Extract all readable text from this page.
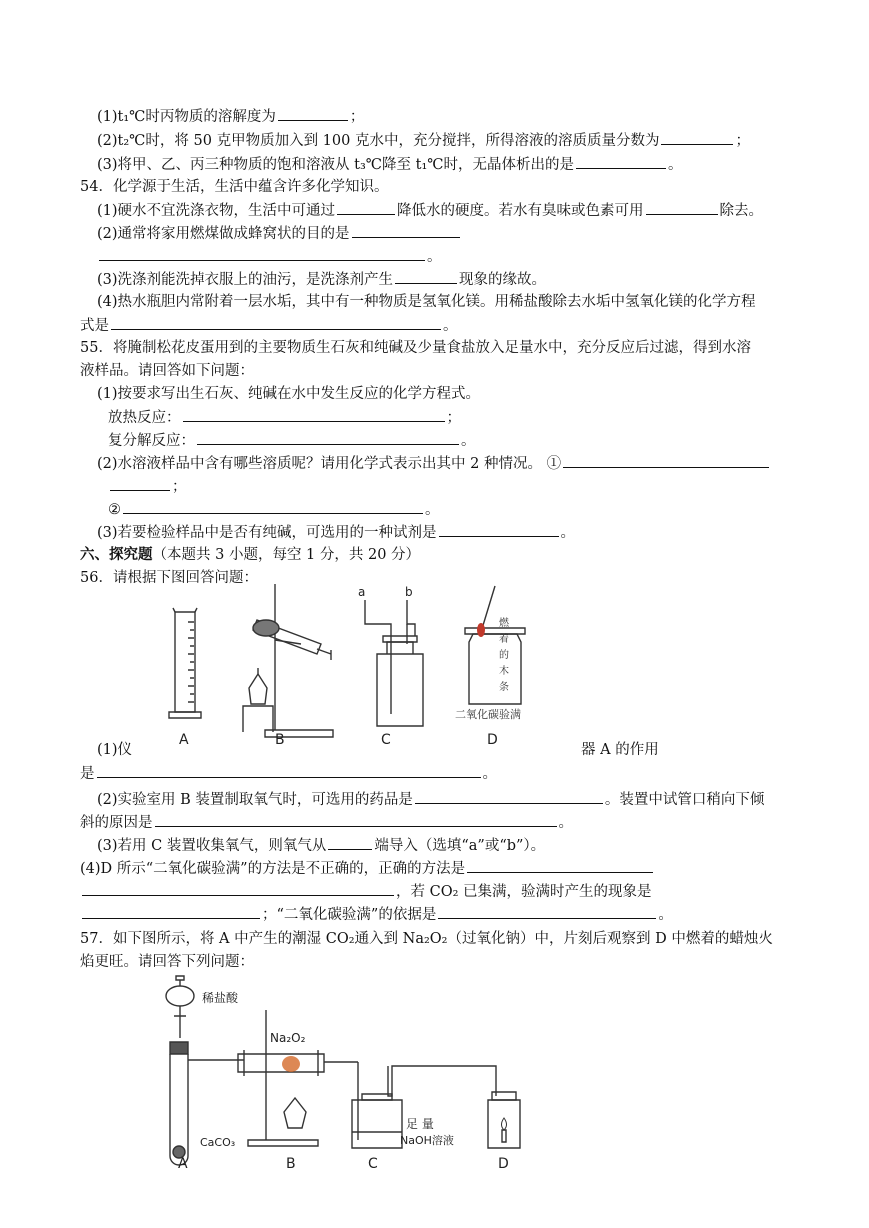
(1)t₁℃时丙物质的溶解度为	；
(2)t₂℃时，将 50 克甲物质加入到 100 克水中，充分搅拌，所得溶液的溶质质量分数为	；
(3)将甲、乙、丙三种物质的饱和溶液从 t₃℃降至 t₁℃时，无晶体析出的是	。
54．化学源于生活，生活中蕴含许多化学知识。
(1)硬水不宜洗涤衣物，生活中可通过	降低水的硬度。若水有臭味或色素可用	除去。
(2)通常将家用燃煤做成蜂窝状的目的是
。
(3)洗涤剂能洗掉衣服上的油污，是洗涤剂产生	现象的缘故。
(4)热水瓶胆内常附着一层水垢，其中有一种物质是氢氧化镁。用稀盐酸除去水垢中氢氧化镁的化学方程
式是	。
55．将腌制松花皮蛋用到的主要物质生石灰和纯碱及少量食盐放入足量水中，充分反应后过滤，得到水溶
液样品。请回答如下问题：
(1)按要求写出生石灰、纯碱在水中发生反应的化学方程式。
放热反应：	；
复分解反应：	。
(2)水溶液样品中含有哪些溶质呢？请用化学式表示出其中 2 种情况。 ①
；
②	。
(3)若要检验样品中是否有纯碱，可选用的一种试剂是	。
六、探究题（本题共 3 小题，每空 1 分，共 20 分）
56．请根据下图回答问题：
A	B	C	D
a	b
燃
着
的
木
条
二氧化碳验满
(1)仪	器 A 的作用
是	。
(2)实验室用 B 装置制取氧气时，可选用的药品是	。装置中试管口稍向下倾
斜的原因是	。
(3)若用 C 装置收集氧气，则氧气从	端导入（选填“a”或“b”）。
(4)D 所示“二氧化碳验满”的方法是不正确的，正确的方法是
，若 CO₂ 已集满，验满时产生的现象是
；“二氧化碳验满”的依据是	。
57．如下图所示，将 A 中产生的潮湿 CO₂通入到 Na₂O₂（过氧化钠）中，片刻后观察到 D 中燃着的蜡烛火
焰更旺。请回答下列问题：
稀盐酸
Na₂O₂
CaCO₃
足 量
NaOH溶液
A	B	C	D
